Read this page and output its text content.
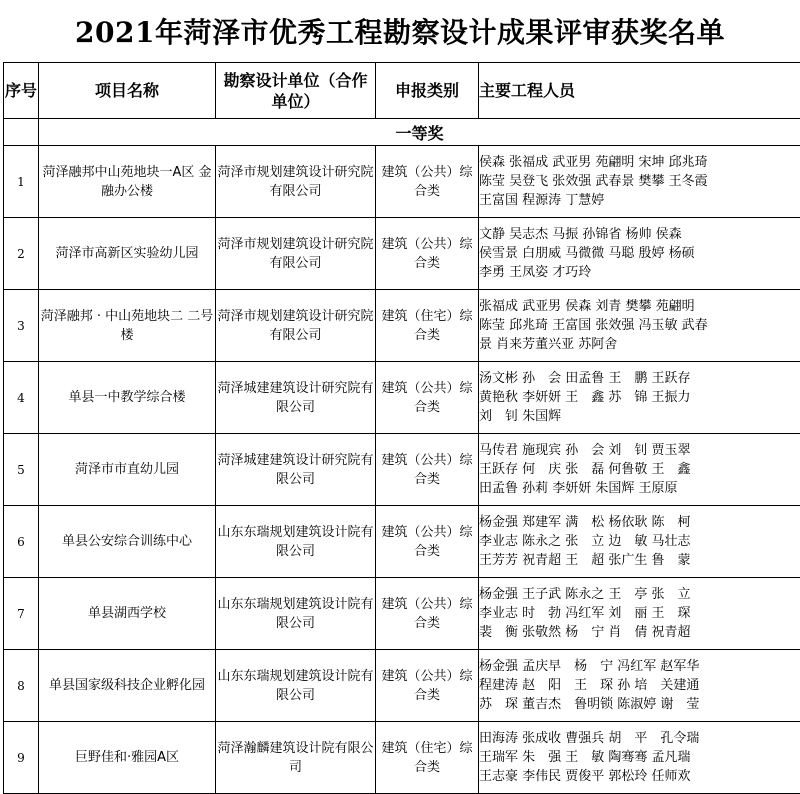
2021年菏泽市优秀工程勘察设计成果评审获奖名单
序号	项目名称	勘察设计单位（合作单位）	申报类别	主要工程人员
	一等奖			
1	菏泽融邦中山苑地块一A区 金融办公楼	菏泽市规划建筑设计研究院有限公司	建筑（公共）综合类	侯森 张福成 武亚男 苑翩明 宋坤 邱兆琦
陈莹 吴登飞 张效强 武春景 樊攀 王冬霞
王富国 程源涛 丁慧婷

2	菏泽市高新区实验幼儿园	菏泽市规划建筑设计研究院有限公司	建筑（公共）综合类	文静 吴志杰 马振 孙锦省 杨帅 侯森
侯雪景 白朋威 马微微 马聪 殷婷 杨硕
李勇 王凤姿 才巧玲

3	菏泽融邦 · 中山苑地块二 二号楼	菏泽市规划建筑设计研究院有限公司	建筑（住宅）综合类	张福成 武亚男 侯森 刘青 樊攀 苑翩明
陈莹 邱兆琦 王富国 张效强 冯玉敏 武春
景 肖来芳董兴亚 苏阿舍

4	单县一中教学综合楼	菏泽城建建筑设计研究院有限公司	建筑（公共）综合类	汤文彬 孙　会 田孟鲁 王　鹏 王跃存
黄艳秋 李妍妍 王　鑫 苏　锦 王振力
刘　钊 朱国辉

5	菏泽市市直幼儿园	菏泽城建建筑设计研究院有限公司	建筑（公共）综合类	马传君 施现宾 孙　会 刘　钊 贾玉翠
王跃存 何　庆 张　磊 何鲁敬 王　鑫
田孟鲁 孙莉 李妍妍 朱国辉 王原原

6	单县公安综合训练中心	山东东瑞规划建筑设计院有限公司	建筑（公共）综合类	杨金强 郑建军 满　松 杨依耿 陈　柯
李业志 陈永之 张　立 边　敏 马壮志
王芳芳 祝青超 王　超 张广生 鲁　蒙

7	单县湖西学校	山东东瑞规划建筑设计院有限公司	建筑（公共）综合类	杨金强 王子武 陈永之 王　亭 张　立
李业志 时　勃 冯红军 刘　丽 王　琛
裴　衡 张敬然 杨　宁 肖　倩 祝青超

8	单县国家级科技企业孵化园	山东东瑞规划建筑设计院有限公司	建筑（公共）综合类	杨金强 孟庆早　杨　宁 冯红军 赵军华
程建涛 赵　阳　王　琛 孙 培　关建通
苏　琛 董吉杰　鲁明锁 陈淑婷 谢　莹

9	巨野佳和·雅园A区	菏泽瀚麟建筑设计院有限公　　司	建筑（住宅）综合类	田海涛 张成收 曹强兵 胡　平　孔令瑞
王瑞军 朱　强 王　敏 陶骞骞 孟凡瑞
王志豪 李伟民 贾俊平 郭松玲 任师欢
